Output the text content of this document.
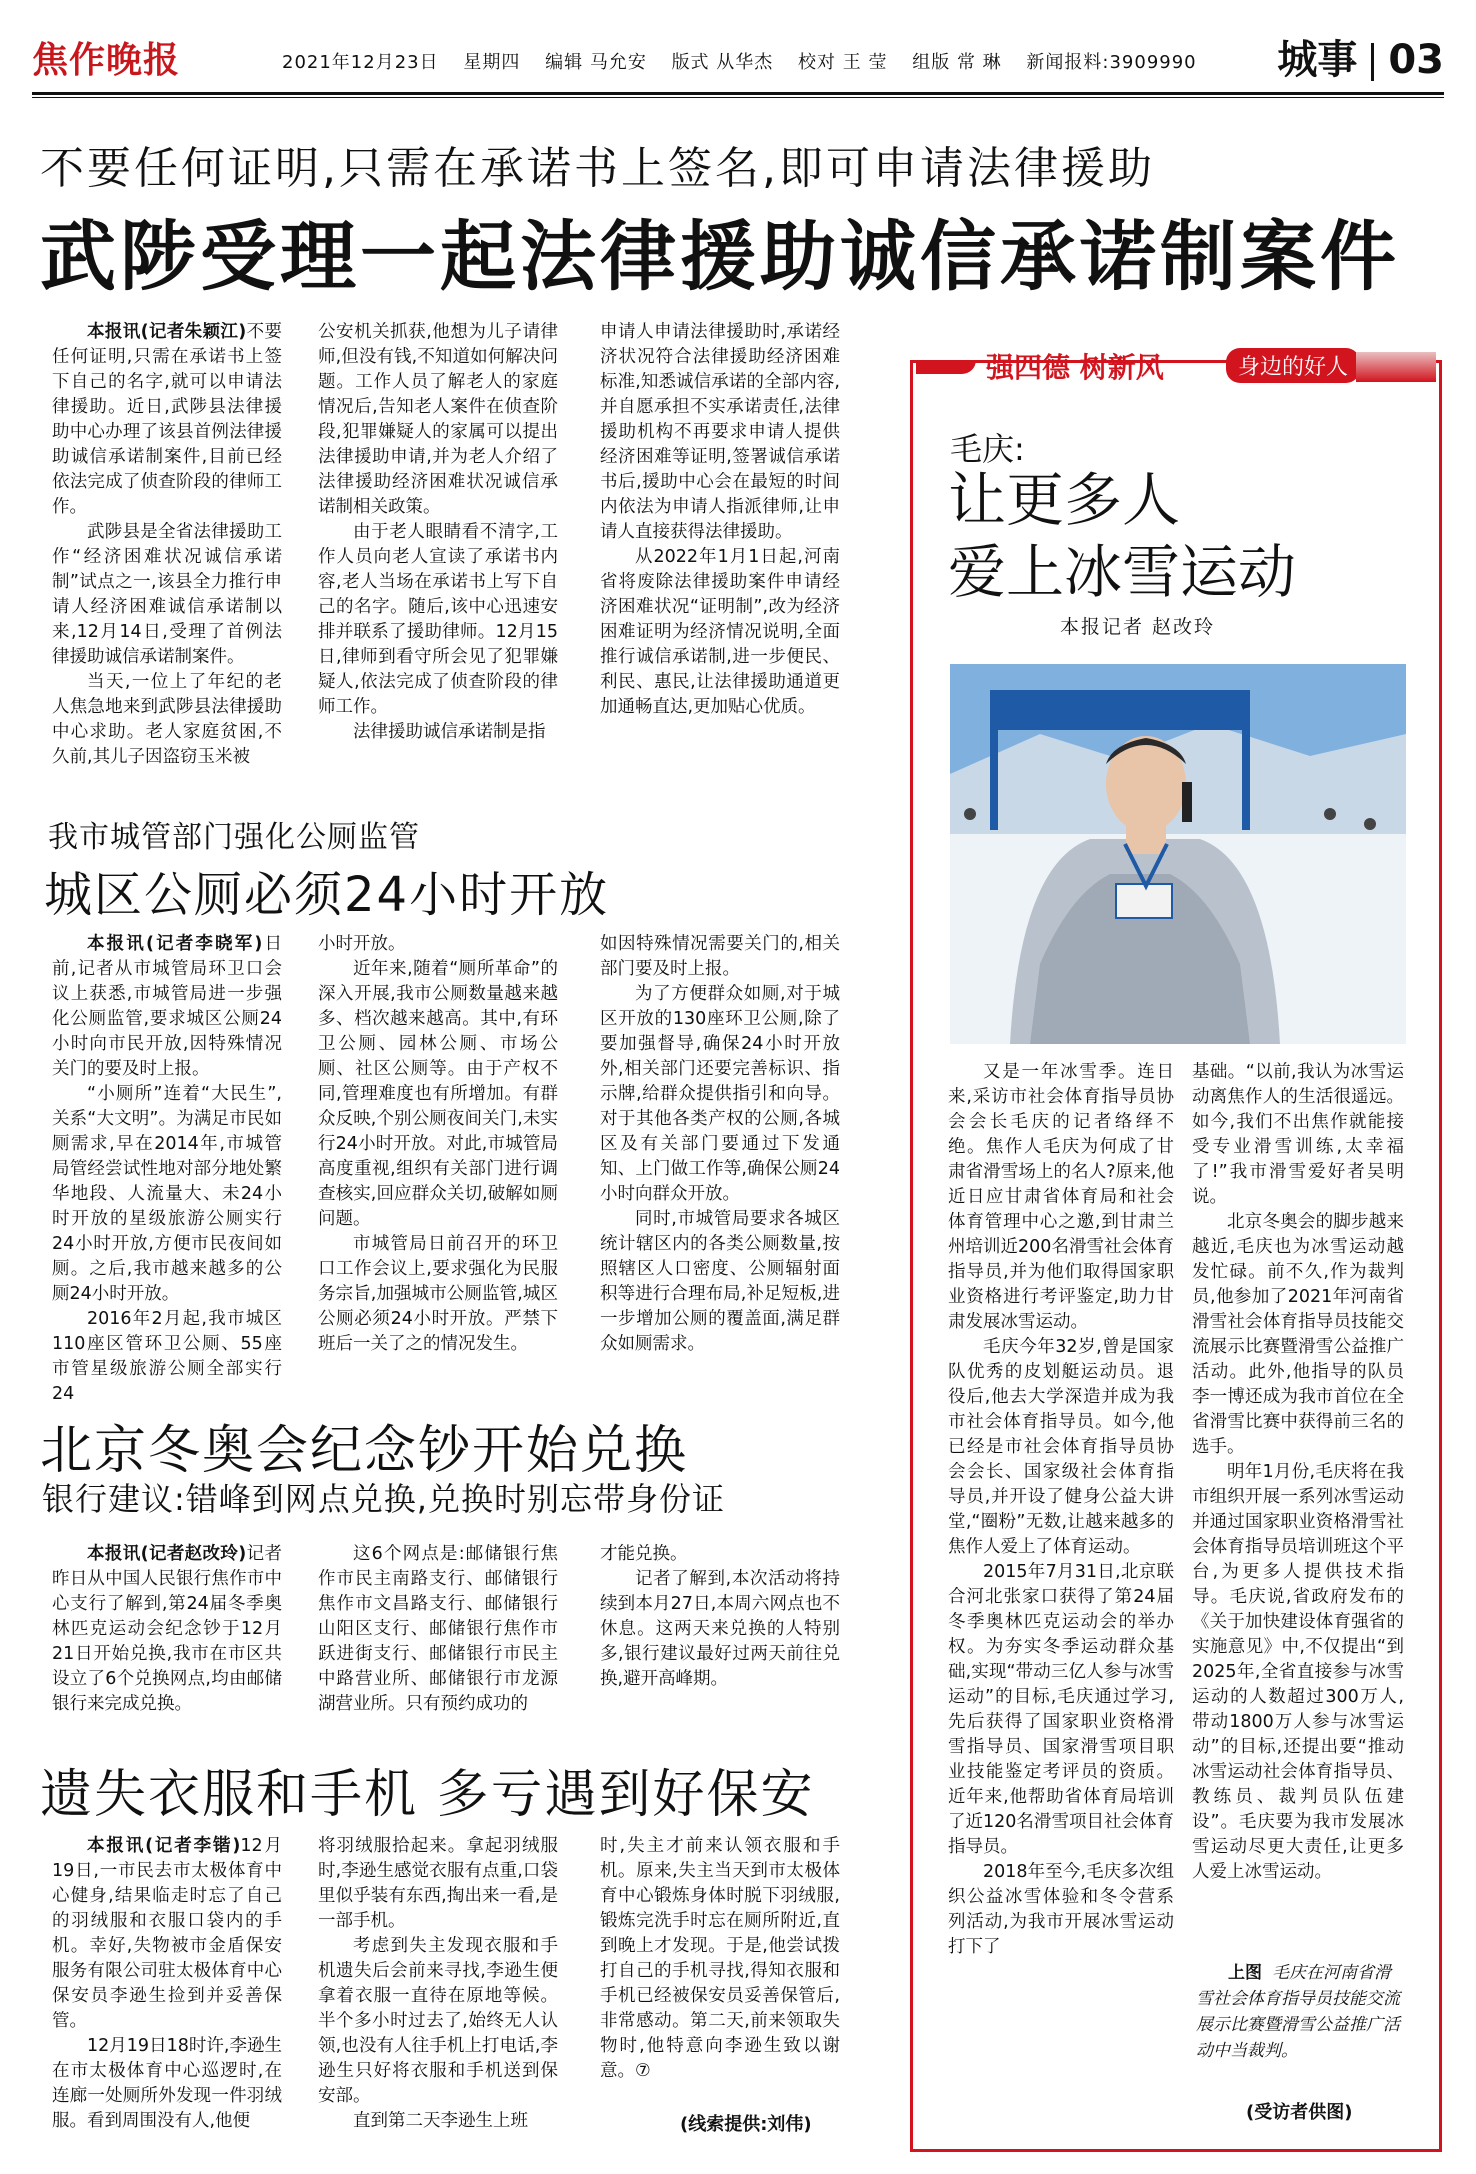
焦作晚报	2021年12月23日 星期四 编辑 马允安 版式 从华杰 校对 王 莹 组版 常 琳 新闻报料:3909990	城事 03
不要任何证明,只需在承诺书上签名,即可申请法律援助
武陟受理一起法律援助诚信承诺制案件

本报讯(记者朱颖江)不要任何证明,只需在承诺书上签下自己的名字,就可以申请法律援助。近日,武陟县法律援助中心办理了该县首例法律援助诚信承诺制案件,目前已经依法完成了侦查阶段的律师工作。

武陟县是全省法律援助工作“经济困难状况诚信承诺制”试点之一,该县全力推行申请人经济困难诚信承诺制以来,12月14日,受理了首例法律援助诚信承诺制案件。

当天,一位上了年纪的老人焦急地来到武陟县法律援助中心求助。老人家庭贫困,不久前,其儿子因盗窃玉米被

公安机关抓获,他想为儿子请律师,但没有钱,不知道如何解决问题。工作人员了解老人的家庭情况后,告知老人案件在侦查阶段,犯罪嫌疑人的家属可以提出法律援助申请,并为老人介绍了法律援助经济困难状况诚信承诺制相关政策。

由于老人眼睛看不清字,工作人员向老人宣读了承诺书内容,老人当场在承诺书上写下自己的名字。随后,该中心迅速安排并联系了援助律师。12月15日,律师到看守所会见了犯罪嫌疑人,依法完成了侦查阶段的律师工作。

法律援助诚信承诺制是指

申请人申请法律援助时,承诺经济状况符合法律援助经济困难标准,知悉诚信承诺的全部内容,并自愿承担不实承诺责任,法律援助机构不再要求申请人提供经济困难等证明,签署诚信承诺书后,援助中心会在最短的时间内依法为申请人指派律师,让申请人直接获得法律援助。

从2022年1月1日起,河南省将废除法律援助案件申请经济困难状况“证明制”,改为经济困难证明为经济情况说明,全面推行诚信承诺制,进一步便民、利民、惠民,让法律援助通道更加通畅直达,更加贴心优质。

我市城管部门强化公厕监管
城区公厕必须24小时开放

本报讯(记者李晓军)日前,记者从市城管局环卫口会议上获悉,市城管局进一步强化公厕监管,要求城区公厕24小时向市民开放,因特殊情况关门的要及时上报。

“小厕所”连着“大民生”,关系“大文明”。为满足市民如厕需求,早在2014年,市城管局管经尝试性地对部分地处繁华地段、人流量大、未24小时开放的星级旅游公厕实行24小时开放,方便市民夜间如厕。之后,我市越来越多的公厕24小时开放。

2016年2月起,我市城区110座区管环卫公厕、55座市管星级旅游公厕全部实行24

小时开放。

近年来,随着“厕所革命”的深入开展,我市公厕数量越来越多、档次越来越高。其中,有环卫公厕、园林公厕、市场公厕、社区公厕等。由于产权不同,管理难度也有所增加。有群众反映,个别公厕夜间关门,未实行24小时开放。对此,市城管局高度重视,组织有关部门进行调查核实,回应群众关切,破解如厕问题。

市城管局日前召开的环卫口工作会议上,要求强化为民服务宗旨,加强城市公厕监管,城区公厕必须24小时开放。严禁下班后一关了之的情况发生。

如因特殊情况需要关门的,相关部门要及时上报。

为了方便群众如厕,对于城区开放的130座环卫公厕,除了要加强督导,确保24小时开放外,相关部门还要完善标识、指示牌,给群众提供指引和向导。对于其他各类产权的公厕,各城区及有关部门要通过下发通知、上门做工作等,确保公厕24小时向群众开放。

同时,市城管局要求各城区统计辖区内的各类公厕数量,按照辖区人口密度、公厕辐射面积等进行合理布局,补足短板,进一步增加公厕的覆盖面,满足群众如厕需求。

北京冬奥会纪念钞开始兑换
银行建议:错峰到网点兑换,兑换时别忘带身份证

本报讯(记者赵改玲)记者昨日从中国人民银行焦作市中心支行了解到,第24届冬季奥林匹克运动会纪念钞于12月21日开始兑换,我市在市区共设立了6个兑换网点,均由邮储银行来完成兑换。

这6个网点是:邮储银行焦作市民主南路支行、邮储银行焦作市文昌路支行、邮储银行山阳区支行、邮储银行焦作市跃进街支行、邮储银行市民主中路营业所、邮储银行市龙源湖营业所。只有预约成功的

才能兑换。

记者了解到,本次活动将持续到本月27日,本周六网点也不休息。这两天来兑换的人特别多,银行建议最好过两天前往兑换,避开高峰期。

遗失衣服和手机 多亏遇到好保安

本报讯(记者李锴)12月19日,一市民去市太极体育中心健身,结果临走时忘了自己的羽绒服和衣服口袋内的手机。幸好,失物被市金盾保安服务有限公司驻太极体育中心保安员李逊生捡到并妥善保管。

12月19日18时许,李逊生在市太极体育中心巡逻时,在连廊一处厕所外发现一件羽绒服。看到周围没有人,他便

将羽绒服拾起来。拿起羽绒服时,李逊生感觉衣服有点重,口袋里似乎装有东西,掏出来一看,是一部手机。

考虑到失主发现衣服和手机遗失后会前来寻找,李逊生便拿着衣服一直待在原地等候。半个多小时过去了,始终无人认领,也没有人往手机上打电话,李逊生只好将衣服和手机送到保安部。

直到第二天李逊生上班

时,失主才前来认领衣服和手机。原来,失主当天到市太极体育中心锻炼身体时脱下羽绒服,锻炼完洗手时忘在厕所附近,直到晚上才发现。于是,他尝试拨打自己的手机寻找,得知衣服和手机已经被保安员妥善保管后,非常感动。第二天,前来领取失物时,他特意向李逊生致以谢意。⑦

(线索提供:刘伟)
强四德 树新风	身边的好人
毛庆:
让更多人
爱上冰雪运动
本报记者 赵改玲

又是一年冰雪季。连日来,采访市社会体育指导员协会会长毛庆的记者络绎不绝。焦作人毛庆为何成了甘肃省滑雪场上的名人?原来,他近日应甘肃省体育局和社会体育管理中心之邀,到甘肃兰州培训近200名滑雪社会体育指导员,并为他们取得国家职业资格进行考评鉴定,助力甘肃发展冰雪运动。

毛庆今年32岁,曾是国家队优秀的皮划艇运动员。退役后,他去大学深造并成为我市社会体育指导员。如今,他已经是市社会体育指导员协会会长、国家级社会体育指导员,并开设了健身公益大讲堂,“圈粉”无数,让越来越多的焦作人爱上了体育运动。

2015年7月31日,北京联合河北张家口获得了第24届冬季奥林匹克运动会的举办权。为夯实冬季运动群众基础,实现“带动三亿人参与冰雪运动”的目标,毛庆通过学习,先后获得了国家职业资格滑雪指导员、国家滑雪项目职业技能鉴定考评员的资质。近年来,他帮助省体育局培训了近120名滑雪项目社会体育指导员。

2018年至今,毛庆多次组织公益冰雪体验和冬令营系列活动,为我市开展冰雪运动打下了

基础。“以前,我认为冰雪运动离焦作人的生活很遥远。如今,我们不出焦作就能接受专业滑雪训练,太幸福了!”我市滑雪爱好者吴明说。

北京冬奥会的脚步越来越近,毛庆也为冰雪运动越发忙碌。前不久,作为裁判员,他参加了2021年河南省滑雪社会体育指导员技能交流展示比赛暨滑雪公益推广活动。此外,他指导的队员李一博还成为我市首位在全省滑雪比赛中获得前三名的选手。

明年1月份,毛庆将在我市组织开展一系列冰雪运动并通过国家职业资格滑雪社会体育指导员培训班这个平台,为更多人提供技术指导。毛庆说,省政府发布的《关于加快建设体育强省的实施意见》中,不仅提出“到2025年,全省直接参与冰雪运动的人数超过300万人,带动1800万人参与冰雪运动”的目标,还提出要“推动冰雪运动社会体育指导员、教练员、裁判员队伍建设”。毛庆要为我市发展冰雪运动尽更大责任,让更多人爱上冰雪运动。

上图 毛庆在河南省滑雪社会体育指导员技能交流展示比赛暨滑雪公益推广活动中当裁判。
(受访者供图)
